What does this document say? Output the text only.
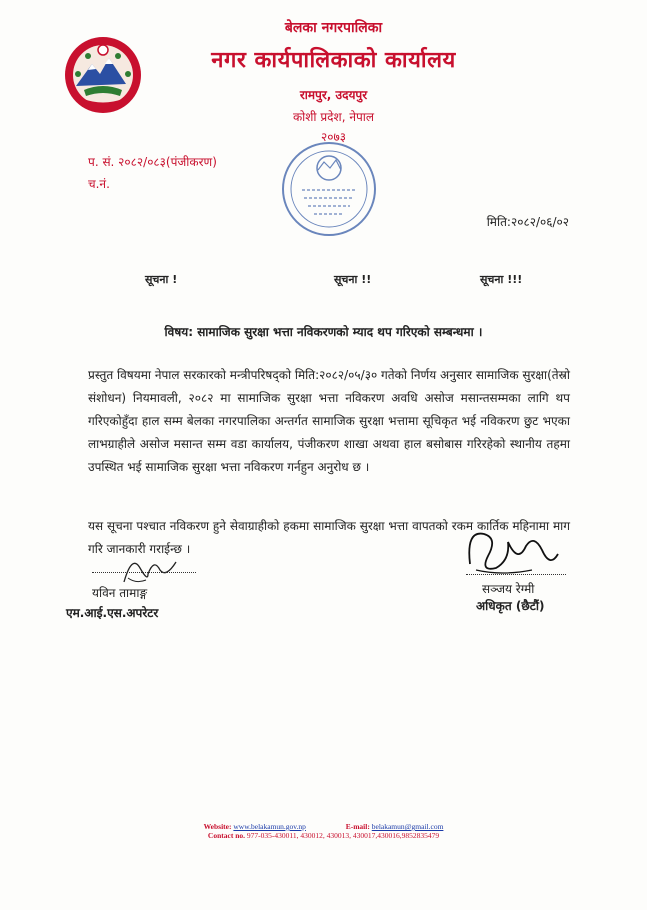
बेलका नगरपालिका
नगर कार्यपालिकाको कार्यालय
रामपुर, उदयपुर
कोशी प्रदेश, नेपाल
२०७३
प. सं. २०८२/०८३(पंजीकरण)
च.नं.
मिति:२०८२/०६/०२
सूचना !	सूचना !!	सूचना !!!
विषय: सामाजिक सुरक्षा भत्ता नविकरणको म्याद थप गरिएको सम्बन्धमा ।

प्रस्तुत विषयमा नेपाल सरकारको मन्त्रीपरिषद्को मिति:२०८२/०५/३० गतेको निर्णय अनुसार सामाजिक सुरक्षा(तेस्रो संशोधन) नियमावली, २०८२ मा सामाजिक सुरक्षा भत्ता नविकरण अवधि असोज मसान्तसम्मका लागि थप गरिएकोहुँदा हाल सम्म बेलका नगरपालिका अन्तर्गत सामाजिक सुरक्षा भत्तामा सूचिकृत भई नविकरण छुट भएका लाभग्राहीले असोज मसान्त सम्म वडा कार्यालय, पंजीकरण शाखा अथवा हाल बसोबास गरिरहेको स्थानीय तहमा उपस्थित भई सामाजिक सुरक्षा भत्ता नविकरण गर्नहुन अनुरोध छ ।

यस सूचना पश्चात नविकरण हुने सेवाग्राहीको हकमा सामाजिक सुरक्षा भत्ता वापतको रकम कार्तिक महिनामा माग गरि जानकारी गराईन्छ ।

यविन तामाङ्ग
एम.आई.एस.अपरेटर
सञ्जय रेग्मी
अधिकृत (छैटौं)
Website: www.belakamun.gov.np	E-mail: belakamun@gmail.com
Contact no. 977-035-430011, 430012, 430013, 430017,430016,9852835479
